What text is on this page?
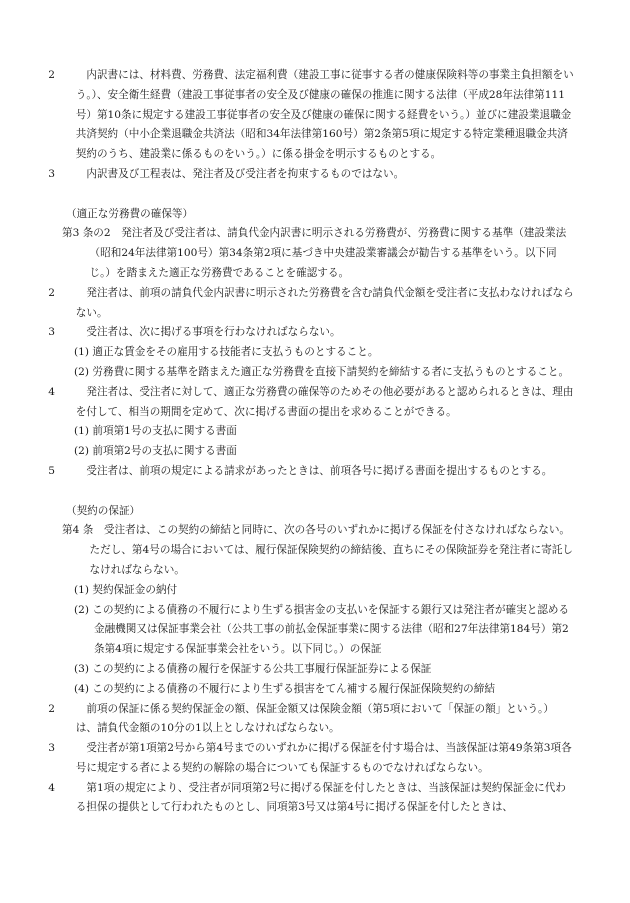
2　	内訳書には、材料費、労務費、法定福利費（建設工事に従事する者の健康保険料等の事業主負担額をいう。）、安全衛生経費（建設工事従事者の安全及び健康の確保の推進に関する法律（平成28年法律第111号）第10条に規定する建設工事従事者の安全及び健康の確保に関する経費をいう。）並びに建設業退職金共済契約（中小企業退職金共済法（昭和34年法律第160号）第2条第5項に規定する特定業種退職金共済契約のうち、建設業に係るものをいう。）に係る掛金を明示するものとする。

3　	内訳書及び工程表は、発注者及び受注者を拘束するものではない。

（適正な労務費の確保等）

第3 条の2　 発注者及び受注者は、請負代金内訳書に明示される労務費が、労務費に関する基準（建設業法（昭和24年法律第100号）第34条第2項に基づき中央建設業審議会が勧告する基準をいう。以下同じ。）を踏まえた適正な労務費であることを確認する。

2　	発注者は、前項の請負代金内訳書に明示された労務費を含む請負代金額を受注者に支払わなければならない。

3　	受注者は、次に掲げる事項を行わなければならない。

(1) 適正な賃金をその雇用する技能者に支払うものとすること。

(2) 労務費に関する基準を踏まえた適正な労務費を直接下請契約を締結する者に支払うものとすること。

4　	発注者は、受注者に対して、適正な労務費の確保等のためその他必要があると認められるときは、理由を付して、相当の期間を定めて、次に掲げる書面の提出を求めることができる。

(1) 前項第1号の支払に関する書面

(2) 前項第2号の支払に関する書面

5　	受注者は、前項の規定による請求があったときは、前項各号に掲げる書面を提出するものとする。

（契約の保証）

第4 条　 受注者は、この契約の締結と同時に、次の各号のいずれかに掲げる保証を付さなければならない。ただし、第4号の場合においては、履行保証保険契約の締結後、直ちにその保険証券を発注者に寄託しなければならない。

(1) 契約保証金の納付

(2) この契約による債務の不履行により生ずる損害金の支払いを保証する銀行又は発注者が確実と認める金融機関又は保証事業会社（公共工事の前払金保証事業に関する法律（昭和27年法律第184号）第2条第4項に規定する保証事業会社をいう。以下同じ。）の保証

(3) この契約による債務の履行を保証する公共工事履行保証証券による保証

(4) この契約による債務の不履行により生ずる損害をてん補する履行保証保険契約の締結

2　	前項の保証に係る契約保証金の額、保証金額又は保険金額（第5項において「保証の額」という。）は、請負代金額の10分の1以上としなければならない。

3　	受注者が第1項第2号から第4号までのいずれかに掲げる保証を付す場合は、当該保証は第49条第3項各号に規定する者による契約の解除の場合についても保証するものでなければならない。

4　	第1項の規定により、受注者が同項第2号に掲げる保証を付したときは、当該保証は契約保証金に代わる担保の提供として行われたものとし、同項第3号又は第4号に掲げる保証を付したときは、
